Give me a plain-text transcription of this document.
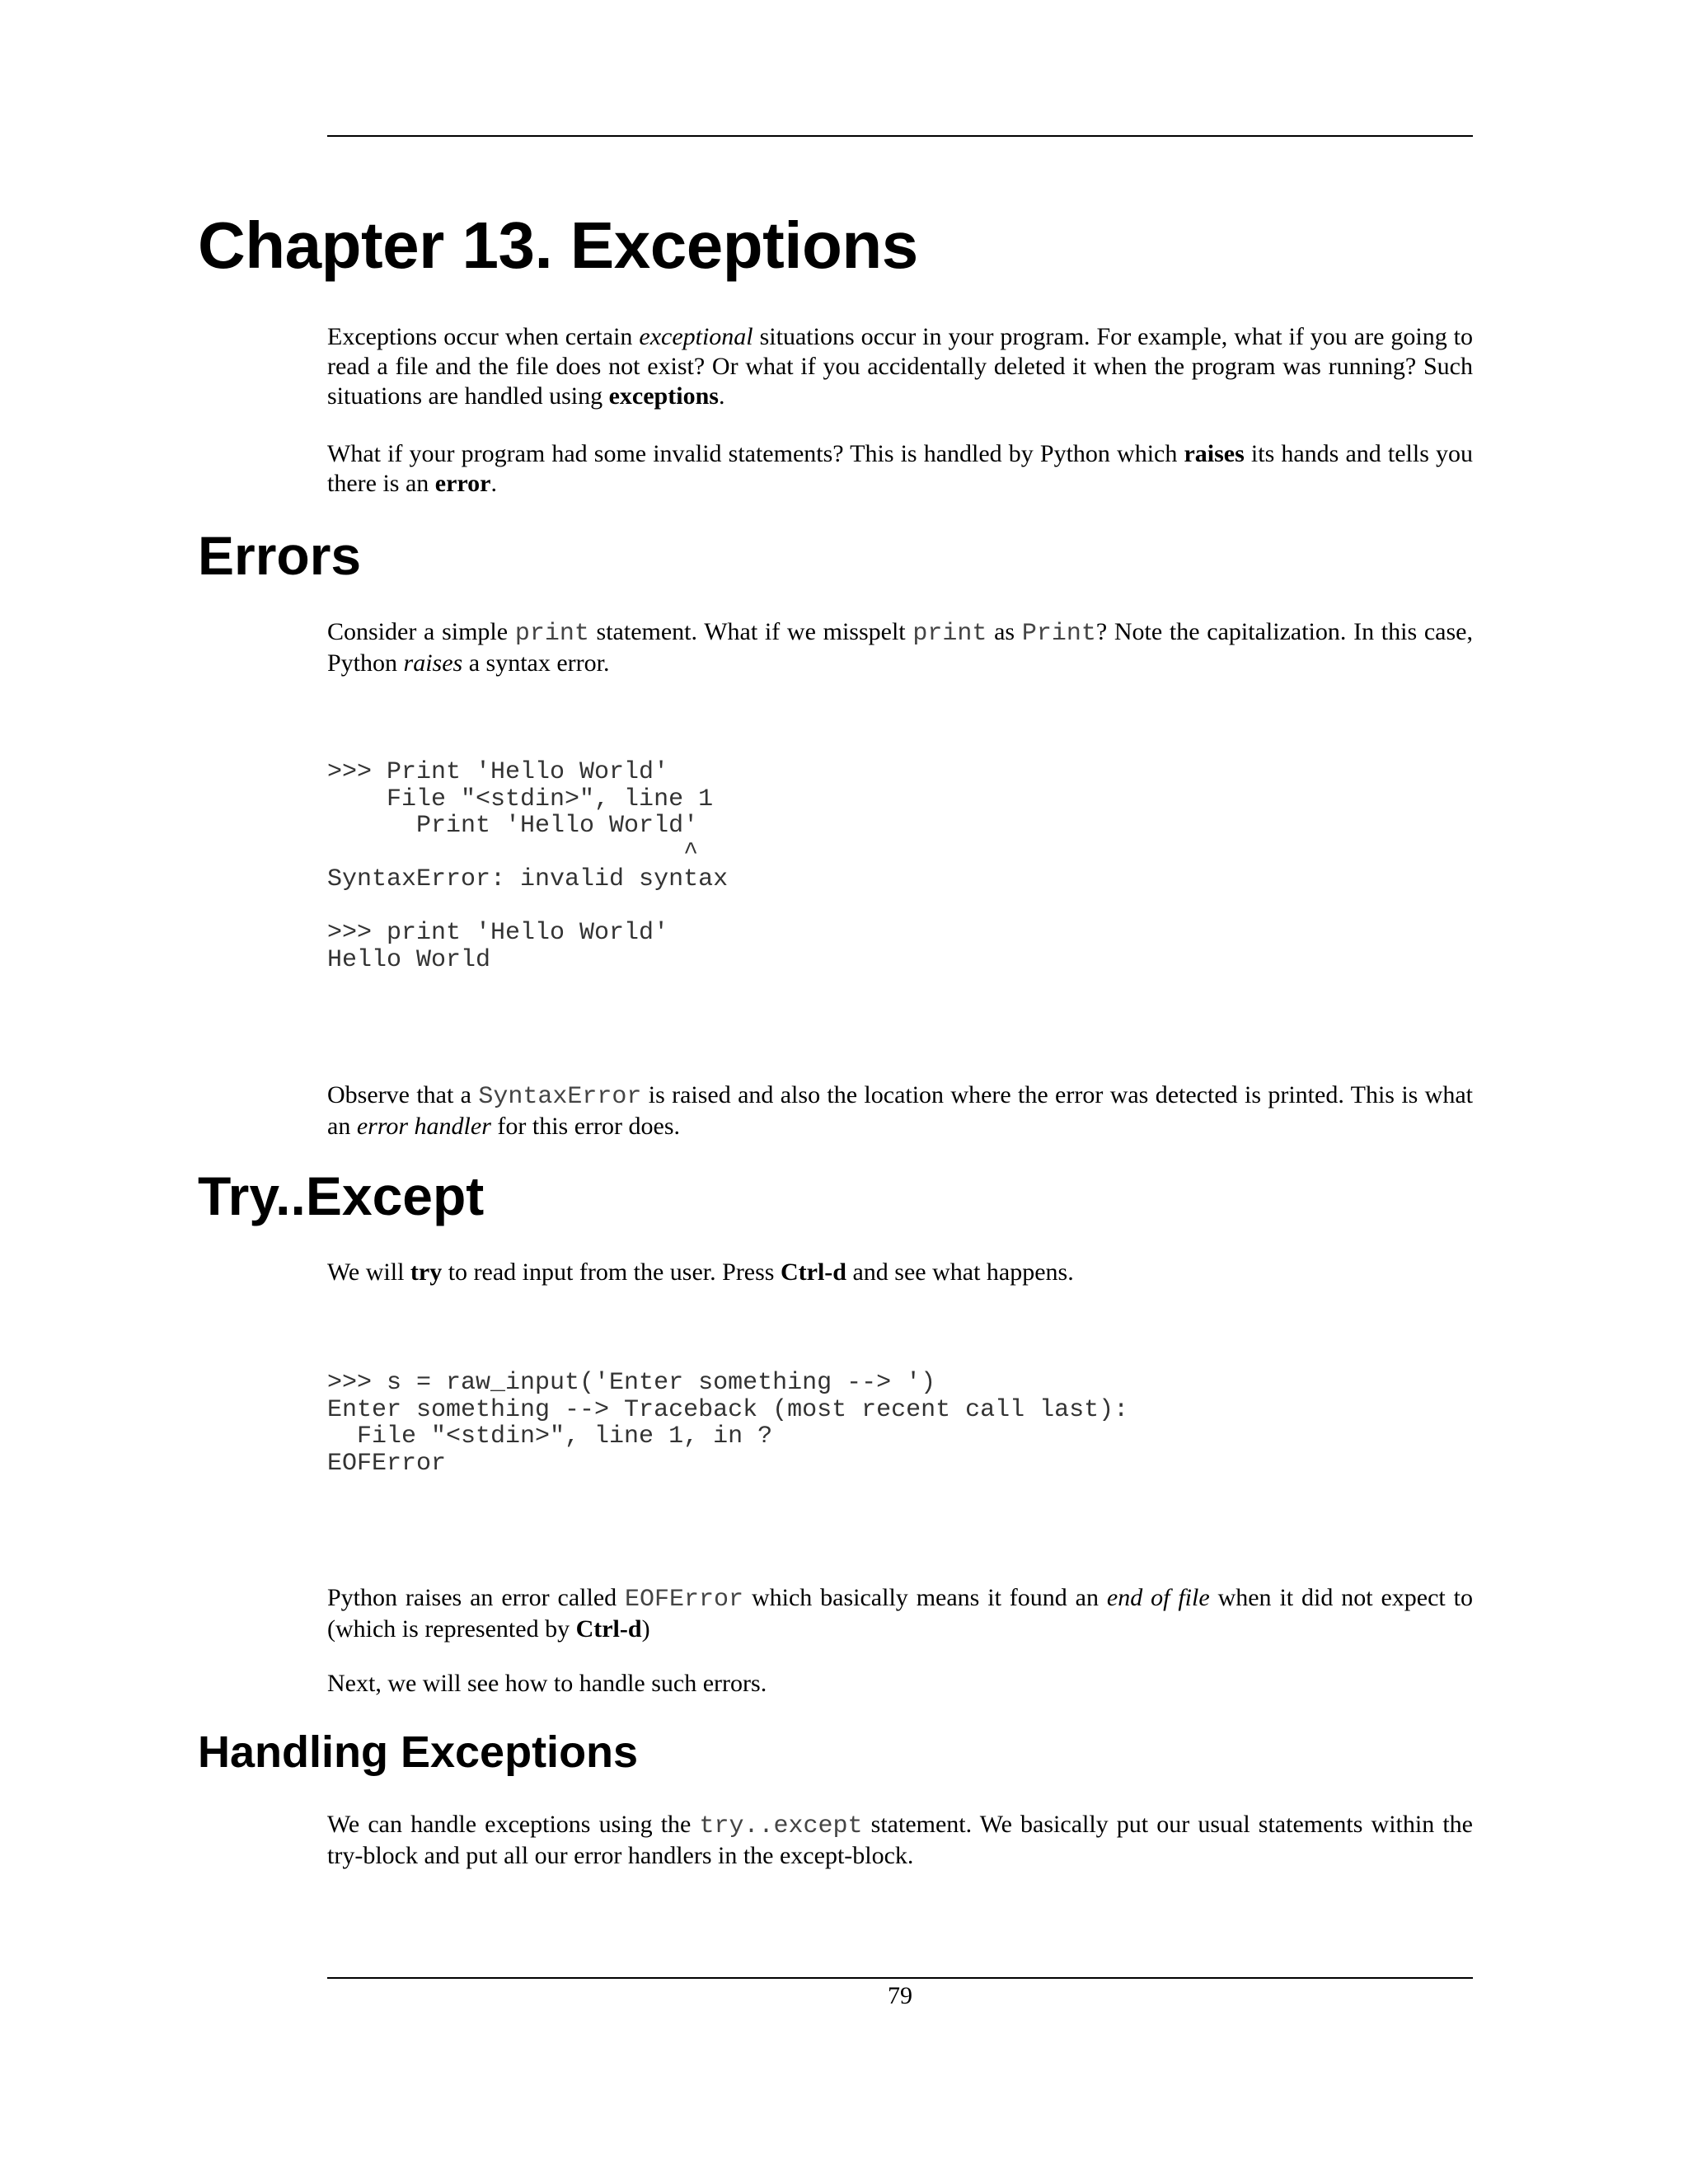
Chapter 13. Exceptions

Exceptions occur when certain exceptional situations occur in your program. For example, what if you are going to read a file and the file does not exist? Or what if you accidentally deleted it when the program was running? Such situations are handled using exceptions.

What if your program had some invalid statements? This is handled by Python which raises its hands and tells you there is an error.

Errors

Consider a simple print statement. What if we misspelt print as Print? Note the capitalization. In this case, Python raises a syntax error.

>>> Print 'Hello World'
File "<stdin>", line 1
Print 'Hello World'
^
SyntaxError: invalid syntax

>>> print 'Hello World'
Hello World

Observe that a SyntaxError is raised and also the location where the error was detected is printed. This is what an error handler for this error does.

Try..Except

We will try to read input from the user. Press Ctrl-d and see what happens.

>>> s = raw_input('Enter something --> ')
Enter something --> Traceback (most recent call last):
File "<stdin>", line 1, in ?
EOFError

Python raises an error called EOFError which basically means it found an end of file when it did not expect to (which is represented by Ctrl-d)

Next, we will see how to handle such errors.

Handling Exceptions

We can handle exceptions using the try..except statement. We basically put our usual statements within the try-block and put all our error handlers in the except-block.

79
